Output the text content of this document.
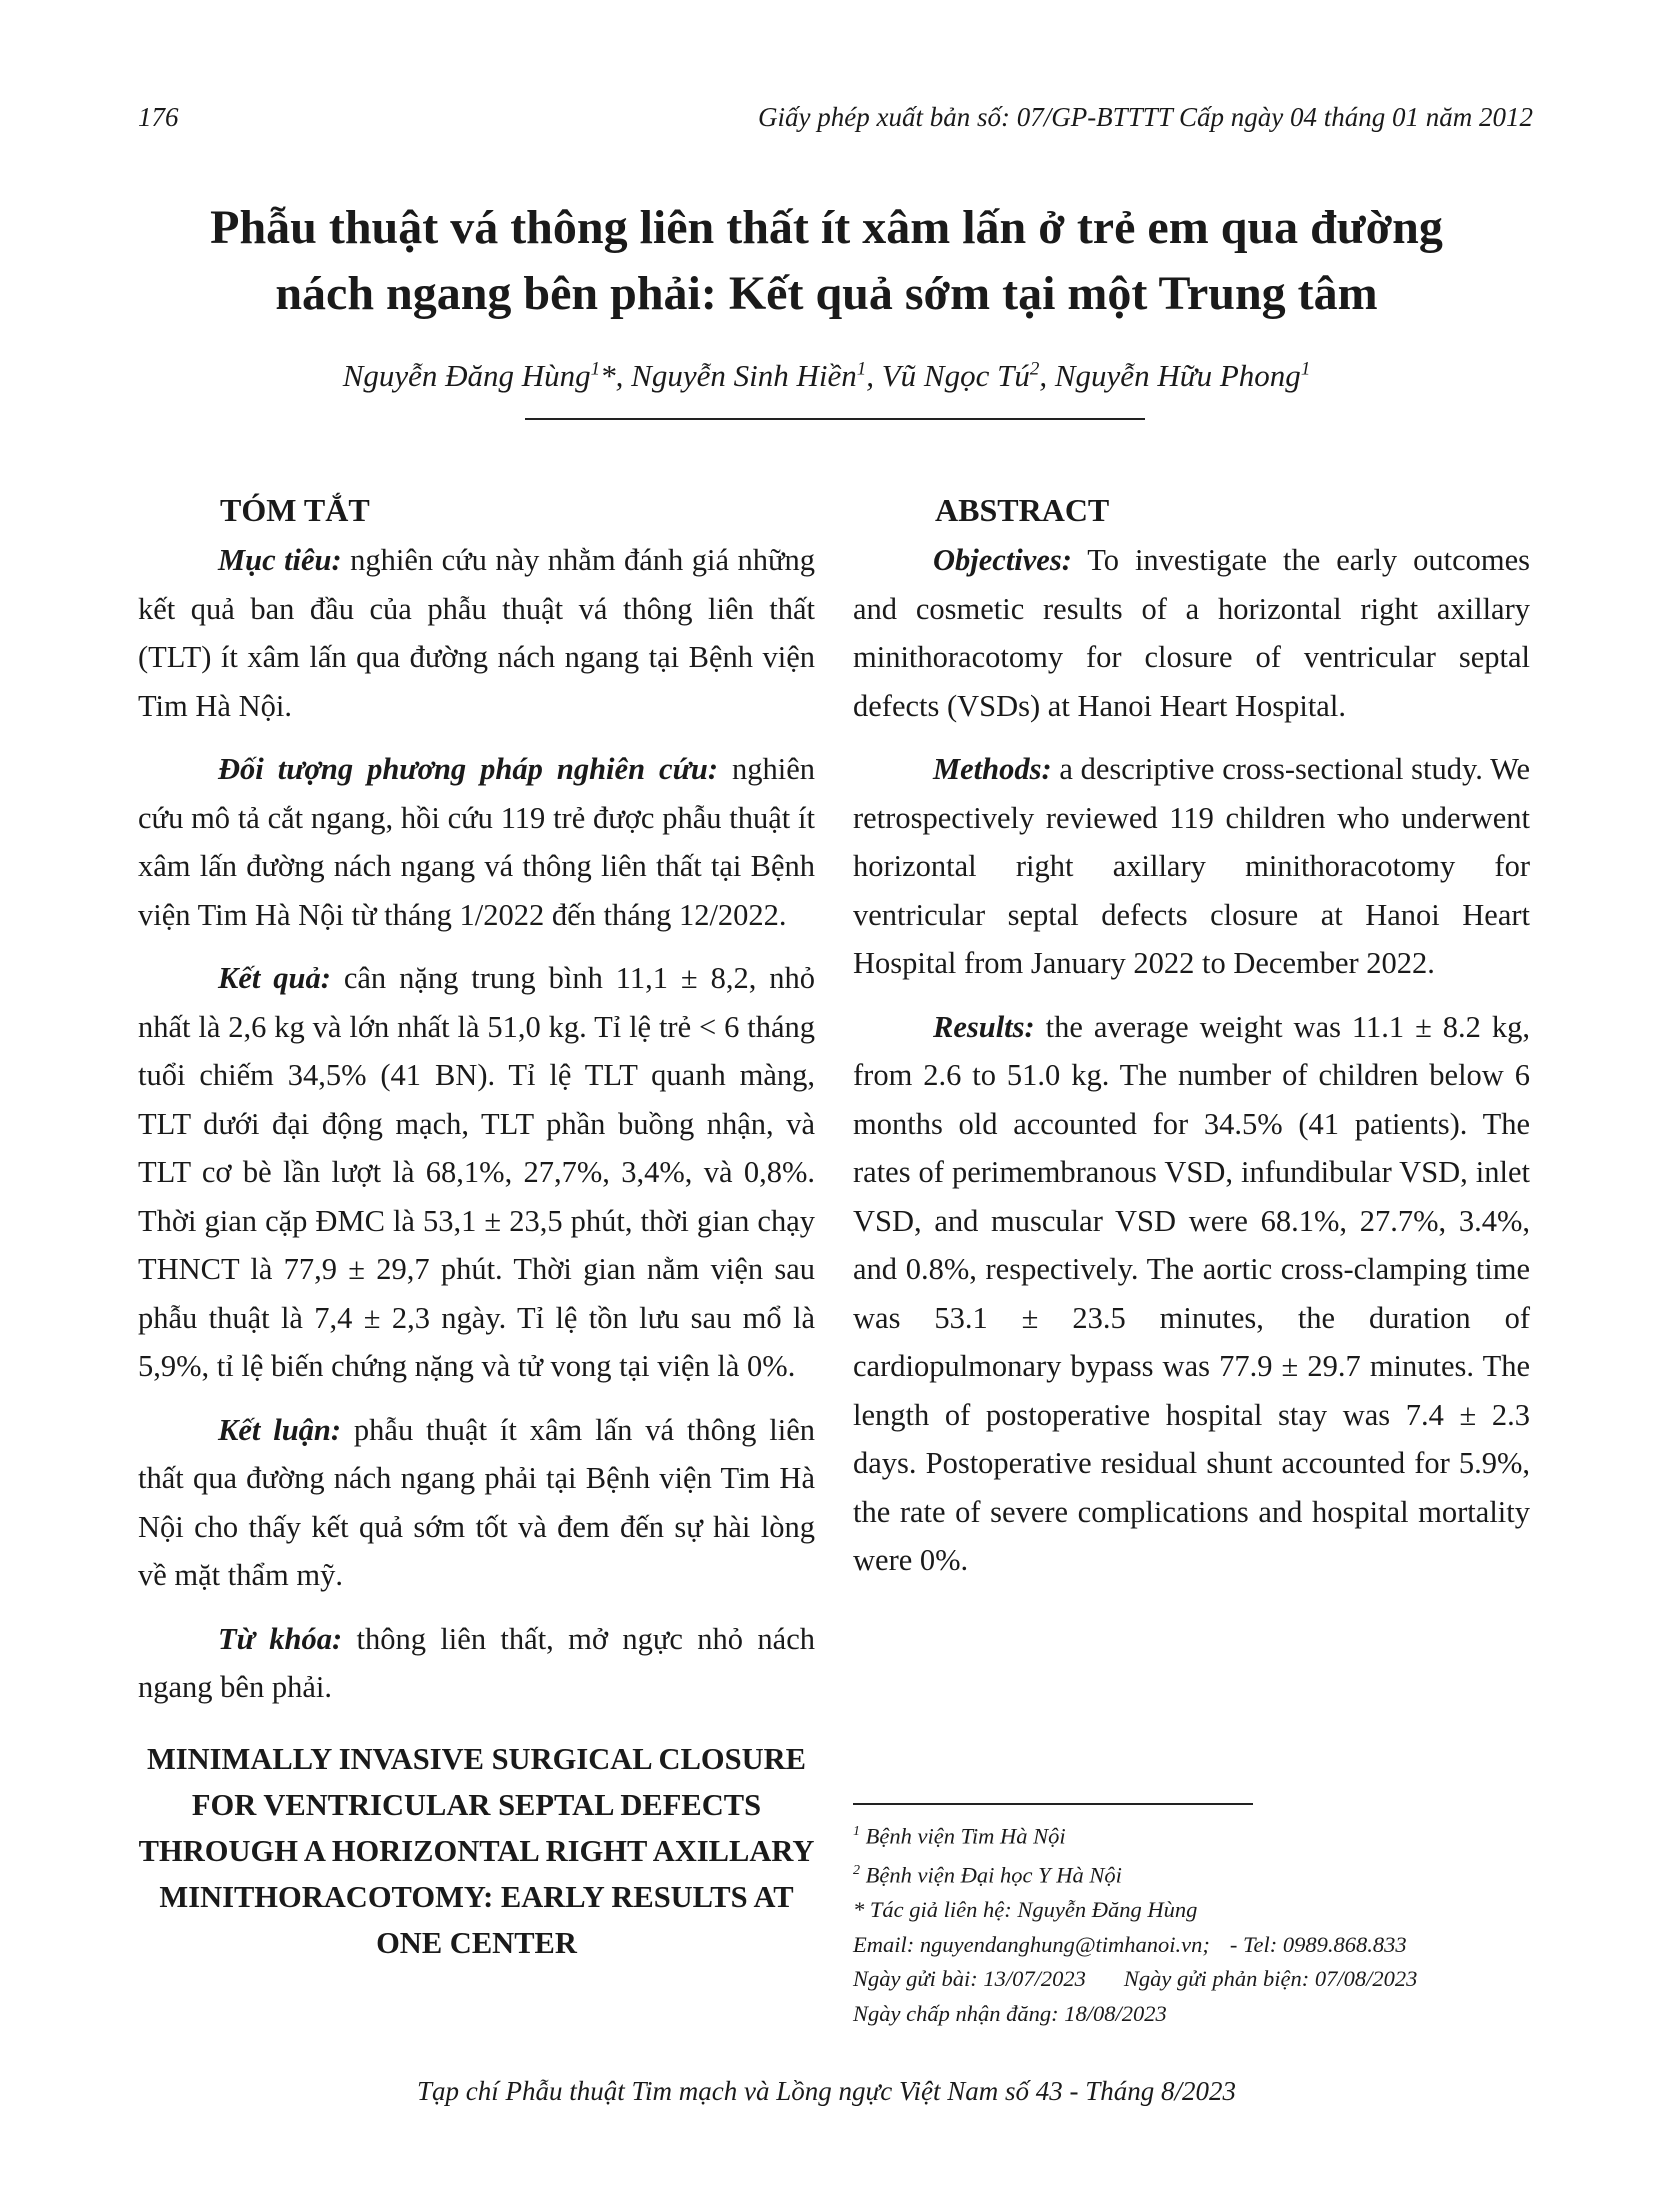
176	Giấy phép xuất bản số: 07/GP-BTTTT Cấp ngày 04 tháng 01 năm 2012
Phẫu thuật vá thông liên thất ít xâm lấn ở trẻ em qua đường
nách ngang bên phải: Kết quả sớm tại một Trung tâm
Nguyễn Đăng Hùng$^1$*, Nguyễn Sinh Hiền$^1$, Vũ Ngọc $Tú^2$, Nguyễn Hữu Phong$^1$
TÓM TẮT

Mục tiêu: nghiên cứu này nhằm đánh giá những kết quả ban đầu của phẫu thuật vá thông liên thất (TLT) ít xâm lấn qua đường nách ngang tại Bệnh viện Tim Hà Nội.

Đối tượng phương pháp nghiên cứu: nghiên cứu mô tả cắt ngang, hồi cứu 119 trẻ được phẫu thuật ít xâm lấn đường nách ngang vá thông liên thất tại Bệnh viện Tim Hà Nội từ tháng 1/2022 đến tháng 12/2022.

Kết quả: cân nặng trung bình 11,1 ± 8,2, nhỏ nhất là 2,6 kg và lớn nhất là 51,0 kg. Tỉ lệ trẻ < 6 tháng tuổi chiếm 34,5% (41 BN). Tỉ lệ TLT quanh màng, TLT dưới đại động mạch, TLT phần buồng nhận, và TLT cơ bè lần lượt là 68,1%, 27,7%, 3,4%, và 0,8%. Thời gian cặp ĐMC là 53,1 ± 23,5 phút, thời gian chạy THNCT là 77,9 ± 29,7 phút. Thời gian nằm viện sau phẫu thuật là 7,4 ± 2,3 ngày. Tỉ lệ tồn lưu sau mổ là 5,9%, tỉ lệ biến chứng nặng và tử vong tại viện là 0%.

Kết luận: phẫu thuật ít xâm lấn vá thông liên thất qua đường nách ngang phải tại Bệnh viện Tim Hà Nội cho thấy kết quả sớm tốt và đem đến sự hài lòng về mặt thẩm mỹ.

Từ khóa: thông liên thất, mở ngực nhỏ nách ngang bên phải.

MINIMALLY INVASIVE SURGICAL CLOSURE FOR VENTRICULAR SEPTAL DEFECTS THROUGH A HORIZONTAL RIGHT AXILLARY MINITHORACOTOMY: EARLY RESULTS AT ONE CENTER
ABSTRACT

Objectives: To investigate the early outcomes and cosmetic results of a horizontal right axillary minithoracotomy for closure of ventricular septal defects (VSDs) at Hanoi Heart Hospital.

Methods: a descriptive cross-sectional study. We retrospectively reviewed 119 children who underwent horizontal right axillary minithoracotomy for ventricular septal defects closure at Hanoi Heart Hospital from January 2022 to December 2022.

Results: the average weight was 11.1 ± 8.2 kg, from 2.6 to 51.0 kg. The number of children below 6 months old accounted for 34.5% (41 patients). The rates of perimembranous VSD, infundibular VSD, inlet VSD, and muscular VSD were 68.1%, 27.7%, 3.4%, and 0.8%, respectively. The aortic cross-clamping time was 53.1 ± 23.5 minutes, the duration of cardiopulmonary bypass was 77.9 ± 29.7 minutes. The length of postoperative hospital stay was 7.4 ± 2.3 days. Postoperative residual shunt accounted for 5.9%, the rate of severe complications and hospital mortality were 0%.

$^1$ Bệnh viện Tim Hà Nội
$^2$ Bệnh viện Đại học Y Hà Nội
* Tác giả liên hệ: Nguyễn Đăng Hùng
Email: nguyendanghung@timhanoi.vn; - Tel: 0989.868.833
Ngày gửi bài: 13/07/2023 Ngày gửi phản biện: 07/08/2023
Ngày chấp nhận đăng: 18/08/2023
Tạp chí Phẫu thuật Tim mạch và Lồng ngực Việt Nam số 43 - Tháng 8/2023
